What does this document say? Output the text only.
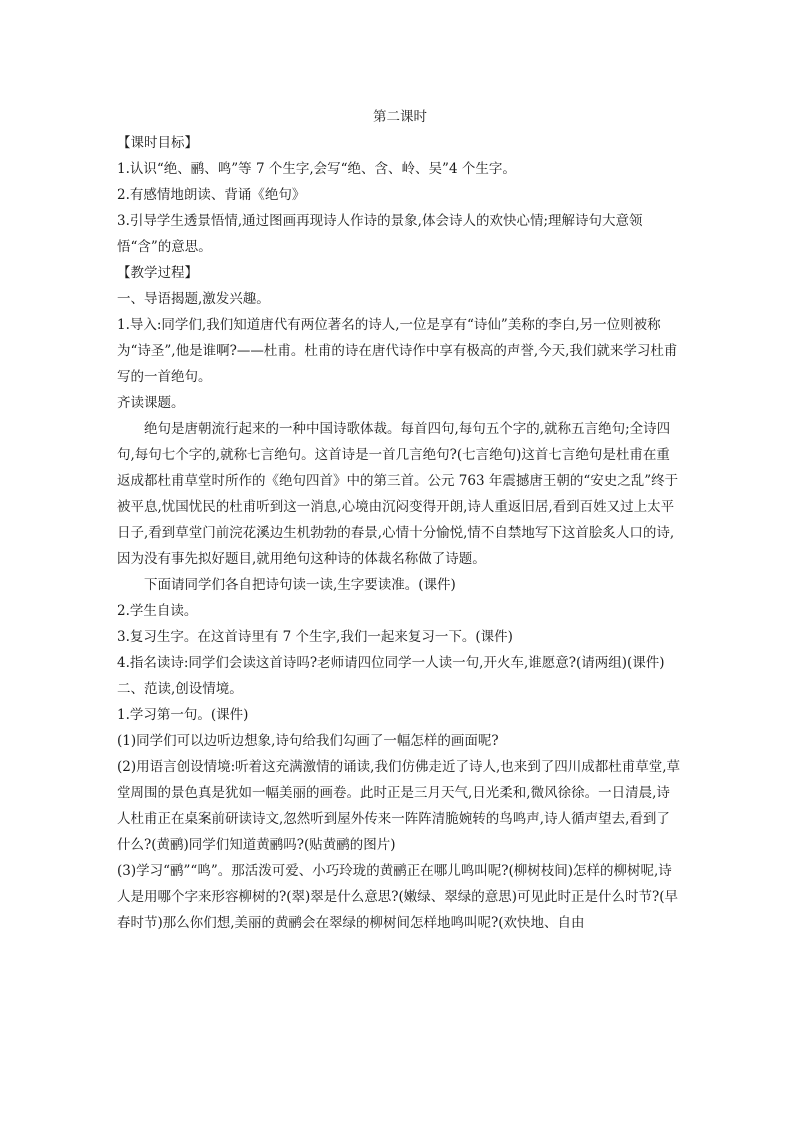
第二课时

【课时目标】

1.认识“绝、鹂、鸣”等 7 个生字,会写“绝、含、岭、吴”4 个生字。

2.有感情地朗读、背诵《绝句》

3.引导学生透景悟情,通过图画再现诗人作诗的景象,体会诗人的欢快心情;理解诗句大意领悟“含”的意思。

【教学过程】

一、导语揭题,激发兴趣。

1.导入:同学们,我们知道唐代有两位著名的诗人,一位是享有“诗仙”美称的李白,另一位则被称为“诗圣”,他是谁啊?——杜甫。杜甫的诗在唐代诗作中享有极高的声誉,今天,我们就来学习杜甫写的一首绝句。

齐读课题。

绝句是唐朝流行起来的一种中国诗歌体裁。每首四句,每句五个字的,就称五言绝句;全诗四句,每句七个字的,就称七言绝句。这首诗是一首几言绝句?(七言绝句)这首七言绝句是杜甫在重返成都杜甫草堂时所作的《绝句四首》中的第三首。公元 763 年震撼唐王朝的“安史之乱”终于被平息,忧国忧民的杜甫听到这一消息,心境由沉闷变得开朗,诗人重返旧居,看到百姓又过上太平日子,看到草堂门前浣花溪边生机勃勃的春景,心情十分愉悦,情不自禁地写下这首脍炙人口的诗,因为没有事先拟好题目,就用绝句这种诗的体裁名称做了诗题。

下面请同学们各自把诗句读一读,生字要读准。(课件)

2.学生自读。

3.复习生字。在这首诗里有 7 个生字,我们一起来复习一下。(课件)

4.指名读诗:同学们会读这首诗吗?老师请四位同学一人读一句,开火车,谁愿意?(请两组)(课件)

二、范读,创设情境。

1.学习第一句。(课件)

(1)同学们可以边听边想象,诗句给我们勾画了一幅怎样的画面呢?

(2)用语言创设情境:听着这充满激情的诵读,我们仿佛走近了诗人,也来到了四川成都杜甫草堂,草堂周围的景色真是犹如一幅美丽的画卷。此时正是三月天气,日光柔和,微风徐徐。一日清晨,诗人杜甫正在桌案前研读诗文,忽然听到屋外传来一阵阵清脆婉转的鸟鸣声,诗人循声望去,看到了什么?(黄鹂)同学们知道黄鹂吗?(贴黄鹂的图片)

(3)学习“鹂”“鸣”。那活泼可爱、小巧玲珑的黄鹂正在哪儿鸣叫呢?(柳树枝间)怎样的柳树呢,诗人是用哪个字来形容柳树的?(翠)翠是什么意思?(嫩绿、翠绿的意思)可见此时正是什么时节?(早春时节)那么你们想,美丽的黄鹂会在翠绿的柳树间怎样地鸣叫呢?(欢快地、自由
